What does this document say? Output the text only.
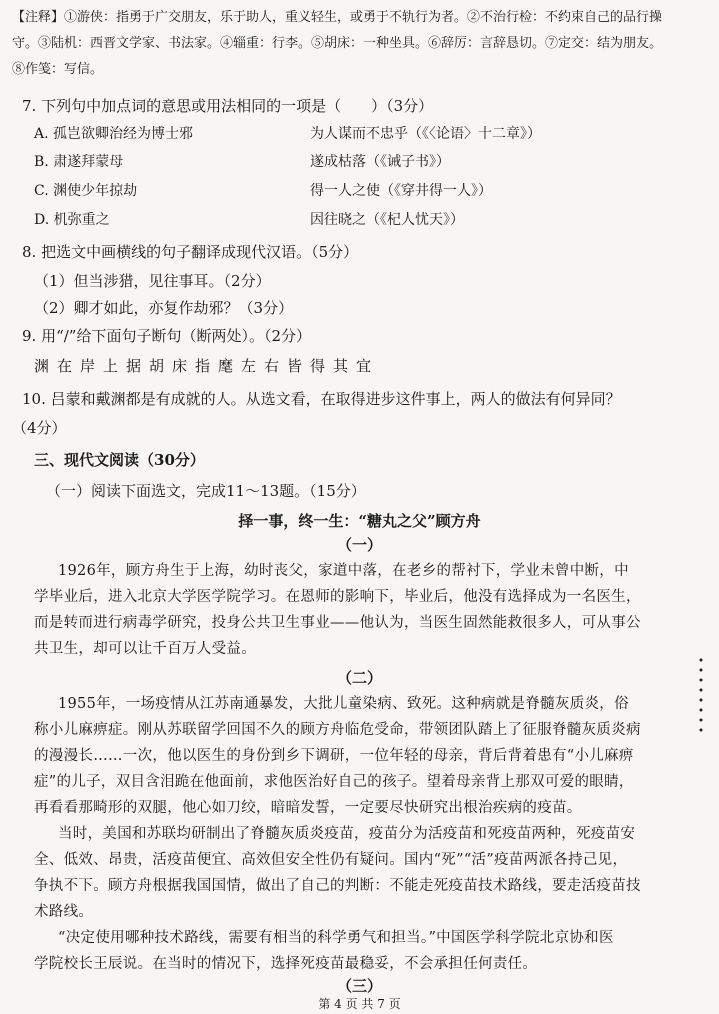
【注释】①游侠：指勇于广交朋友，乐于助人，重义轻生，或勇于不轨行为者。②不治行检：不约束自己的品行操
守。③陆机：西晋文学家、书法家。④辎重：行李。⑤胡床：一种坐具。⑥辞厉：言辞恳切。⑦定交：结为朋友。
⑧作笺：写信。
7. 下列句中加点词的意思或用法相同的一项是（　　）（3分）
A. 孤岂欲卿治经为博士邪	为人谋而不忠乎（《〈论语〉十二章》）
B. 肃遂拜蒙母	遂成枯落（《诫子书》）
C. 渊使少年掠劫	得一人之使（《穿井得一人》）
D. 机弥重之	因往晓之（《杞人忧天》）
8. 把选文中画横线的句子翻译成现代汉语。（5分）
（1）但当涉猎，见往事耳。（2分）
（2）卿才如此，亦复作劫邪？（3分）
9. 用“/”给下面句子断句（断两处）。（2分）
渊在岸上据胡床指麾左右皆得其宜
10. 吕蒙和戴渊都是有成就的人。从选文看，在取得进步这件事上，两人的做法有何异同？
（4分）
三、现代文阅读（30分）
（一）阅读下面选文，完成11～13题。（15分）
择一事，终一生：“糖丸之父”顾方舟
（一）
1926年，顾方舟生于上海，幼时丧父，家道中落，在老乡的帮衬下，学业未曾中断，中
学毕业后，进入北京大学医学院学习。在恩师的影响下，毕业后，他没有选择成为一名医生，
而是转而进行病毒学研究，投身公共卫生事业——他认为，当医生固然能救很多人，可从事公
共卫生，却可以让千百万人受益。
（二）
1955年，一场疫情从江苏南通暴发，大批儿童染病、致死。这种病就是脊髓灰质炎，俗
称小儿麻痹症。刚从苏联留学回国不久的顾方舟临危受命，带领团队踏上了征服脊髓灰质炎病
的漫漫长……一次，他以医生的身份到乡下调研，一位年轻的母亲，背后背着患有“小儿麻痹
症”的儿子，双目含泪跪在他面前，求他医治好自己的孩子。望着母亲背上那双可爱的眼睛，
再看看那畸形的双腿，他心如刀绞，暗暗发誓，一定要尽快研究出根治疾病的疫苗。
当时，美国和苏联均研制出了脊髓灰质炎疫苗，疫苗分为活疫苗和死疫苗两种，死疫苗安
全、低效、昂贵，活疫苗便宜、高效但安全性仍有疑问。国内“死”“活”疫苗两派各持己见，
争执不下。顾方舟根据我国国情，做出了自己的判断：不能走死疫苗技术路线，要走活疫苗技
术路线。
“决定使用哪种技术路线，需要有相当的科学勇气和担当。”中国医学科学院北京协和医
学院校长王辰说。在当时的情况下，选择死疫苗最稳妥，不会承担任何责任。
（三）
第 4 页 共 7 页
